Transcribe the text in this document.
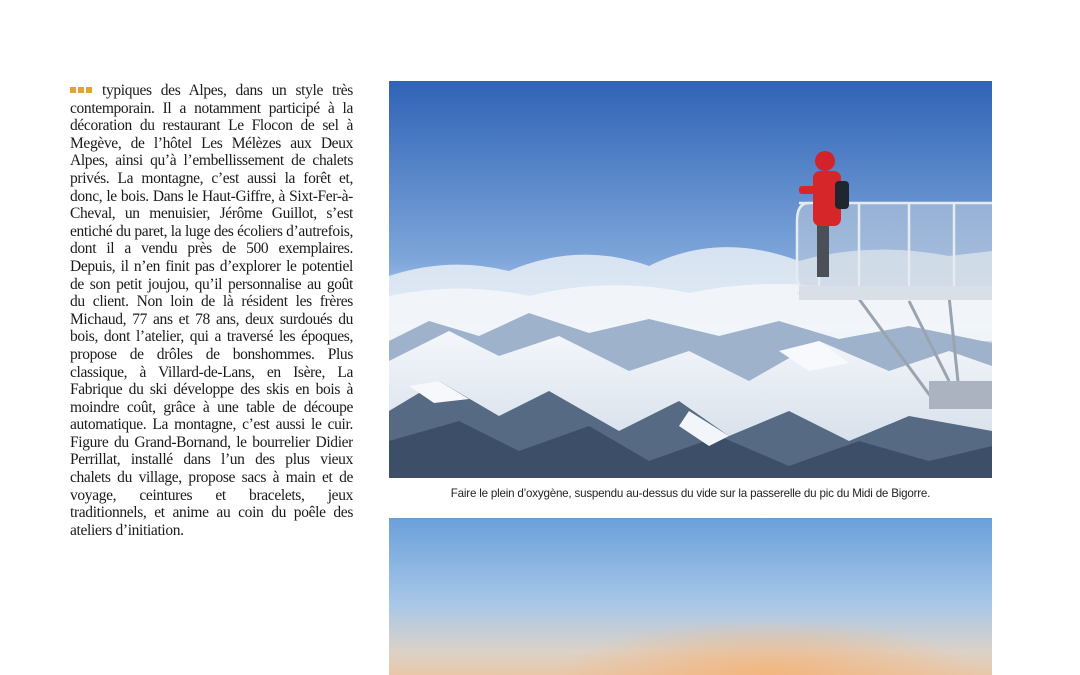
typiques des Alpes, dans un style très contemporain. Il a notamment participé à la décoration du restaurant Le Flocon de sel à Megève, de l’hôtel Les Mélèzes aux Deux Alpes, ainsi qu’à l’embellissement de chalets privés. La montagne, c’est aussi la forêt et, donc, le bois. Dans le Haut-Giffre, à Sixt-Fer-à-Cheval, un menuisier, Jérôme Guillot, s’est entiché du paret, la luge des écoliers d’autrefois, dont il a vendu près de 500 exemplaires. Depuis, il n’en finit pas d’explorer le potentiel de son petit joujou, qu’il personnalise au goût du client. Non loin de là résident les frères Michaud, 77 ans et 78 ans, deux surdoués du bois, dont l’atelier, qui a traversé les époques, propose de drôles de bonshommes. Plus classique, à Villard-de-Lans, en Isère, La Fabrique du ski développe des skis en bois à moindre coût, grâce à une table de découpe automatique. La montagne, c’est aussi le cuir. Figure du Grand-Bornand, le bourrelier Didier Perrillat, installé dans l’un des plus vieux chalets du village, propose sacs à main et de voyage, ceintures et bracelets, jeux traditionnels, et anime au coin du poêle des ateliers d’initiation.

Faire le plein d’oxygène, suspendu au-dessus du vide sur la passerelle du pic du Midi de Bigorre.
